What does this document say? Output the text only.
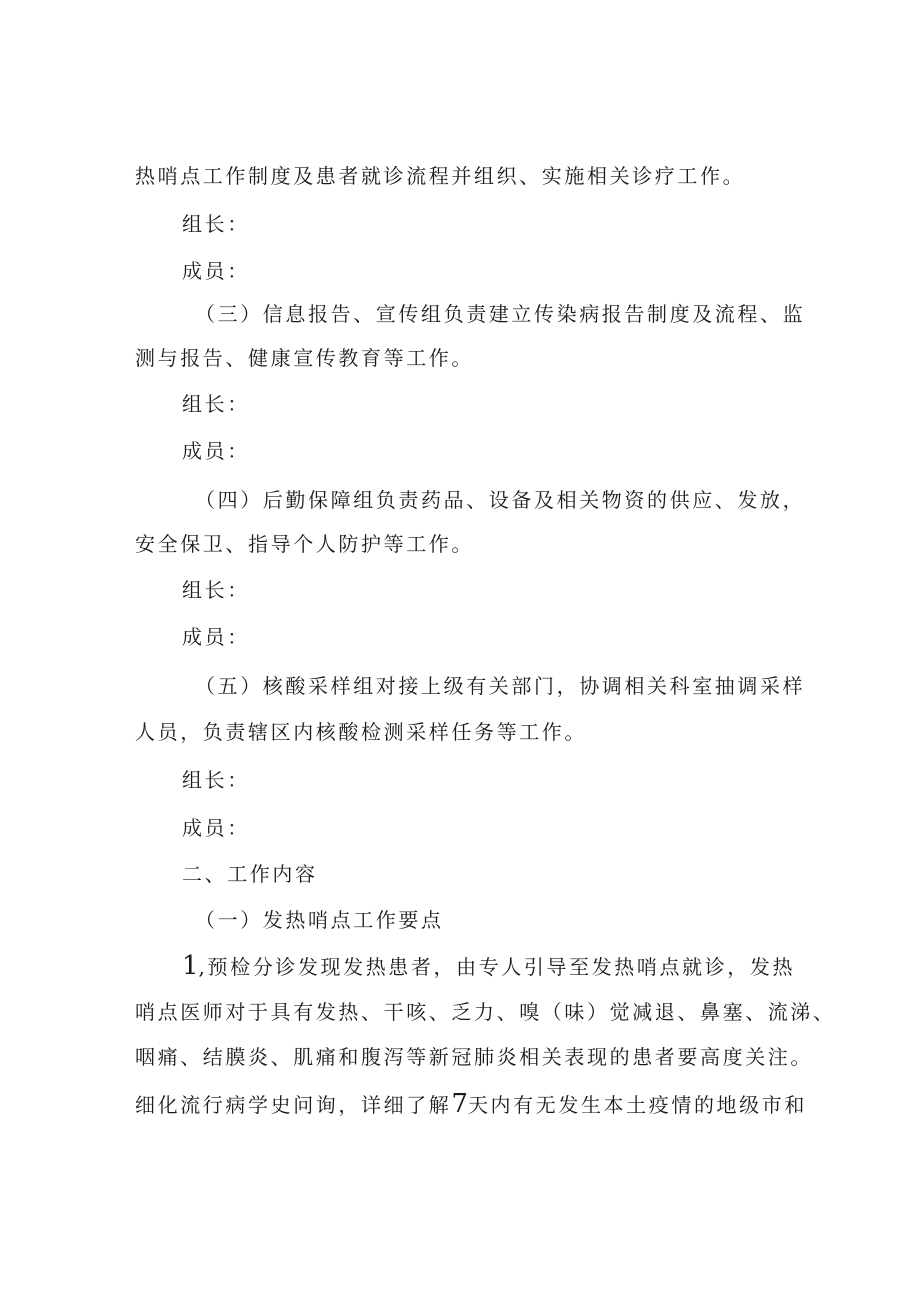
热哨点工作制度及患者就诊流程并组织、实施相关诊疗工作。
组长：
成员：
（三）信息报告、宣传组负责建立传染病报告制度及流程、监
测与报告、健康宣传教育等工作。
组长：
成员：
（四）后勤保障组负责药品、设备及相关物资的供应、发放，
安全保卫、指导个人防护等工作。
组长：
成员：
（五）核酸采样组对接上级有关部门，协调相关科室抽调采样
人员，负责辖区内核酸检测采样任务等工作。
组长：
成员：
二、工作内容
（一）发热哨点工作要点
1,预检分诊发现发热患者，由专人引导至发热哨点就诊，发热
哨点医师对于具有发热、干咳、乏力、嗅（味）觉减退、鼻塞、流涕、
咽痛、结膜炎、肌痛和腹泻等新冠肺炎相关表现的患者要高度关注。
细化流行病学史问询，详细了解7天内有无发生本土疫情的地级市和
